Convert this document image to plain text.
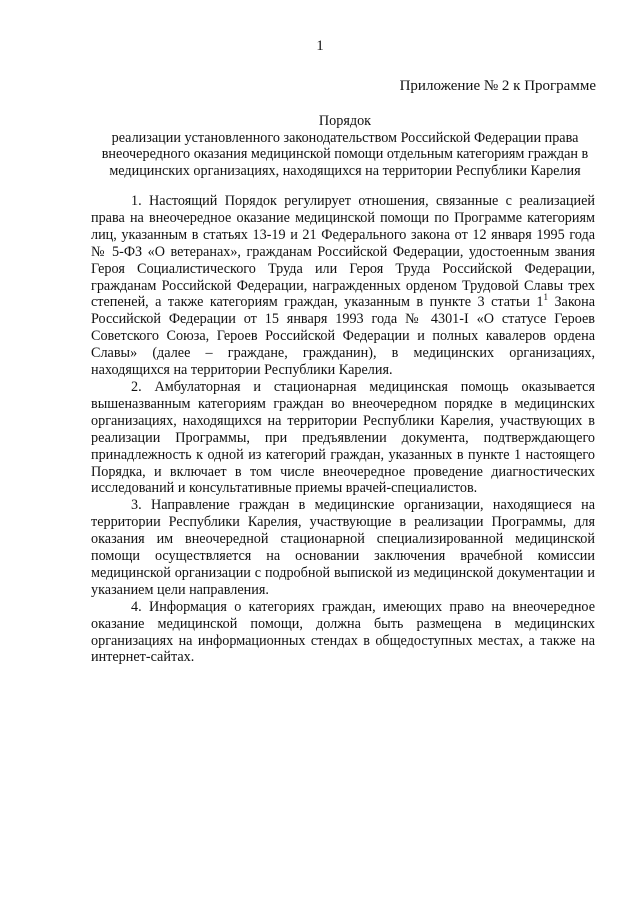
1
Приложение № 2 к Программе
Порядок
реализации установленного законодательством Российской Федерации права
внеочередного оказания медицинской помощи отдельным категориям граждан в
медицинских организациях, находящихся на территории Республики Карелия

1. Настоящий Порядок регулирует отношения, связанные с реализацией права на внеочередное оказание медицинской помощи по Программе категориям лиц, указанным в статьях 13-19 и 21 Федерального закона от 12 января 1995 года № 5-ФЗ «О ветеранах», гражданам Российской Федерации, удостоенным звания Героя Социалистического Труда или Героя Труда Российской Федерации, гражданам Российской Федерации, награжденных орденом Трудовой Славы трех степеней, а также категориям граждан, указанным в пункте 3 статьи $1^1$ Закона Российской Федерации от 15 января 1993 года № 4301-I «О статусе Героев Советского Союза, Героев Российской Федерации и полных кавалеров ордена Славы» (далее – граждане, гражданин), в медицинских организациях, находящихся на территории Республики Карелия.

2. Амбулаторная и стационарная медицинская помощь оказывается вышеназванным категориям граждан во внеочередном порядке в медицинских организациях, находящихся на территории Республики Карелия, участвующих в реализации Программы, при предъявлении документа, подтверждающего принадлежность к одной из категорий граждан, указанных в пункте 1 настоящего Порядка, и включает в том числе внеочередное проведение диагностических исследований и консультативные приемы врачей-специалистов.

3. Направление граждан в медицинские организации, находящиеся на территории Республики Карелия, участвующие в реализации Программы, для оказания им внеочередной стационарной специализированной медицинской помощи осуществляется на основании заключения врачебной комиссии медицинской организации с подробной выпиской из медицинской документации и указанием цели направления.

4. Информация о категориях граждан, имеющих право на внеочередное оказание медицинской помощи, должна быть размещена в медицинских организациях на информационных стендах в общедоступных местах, а также на интернет-сайтах.
